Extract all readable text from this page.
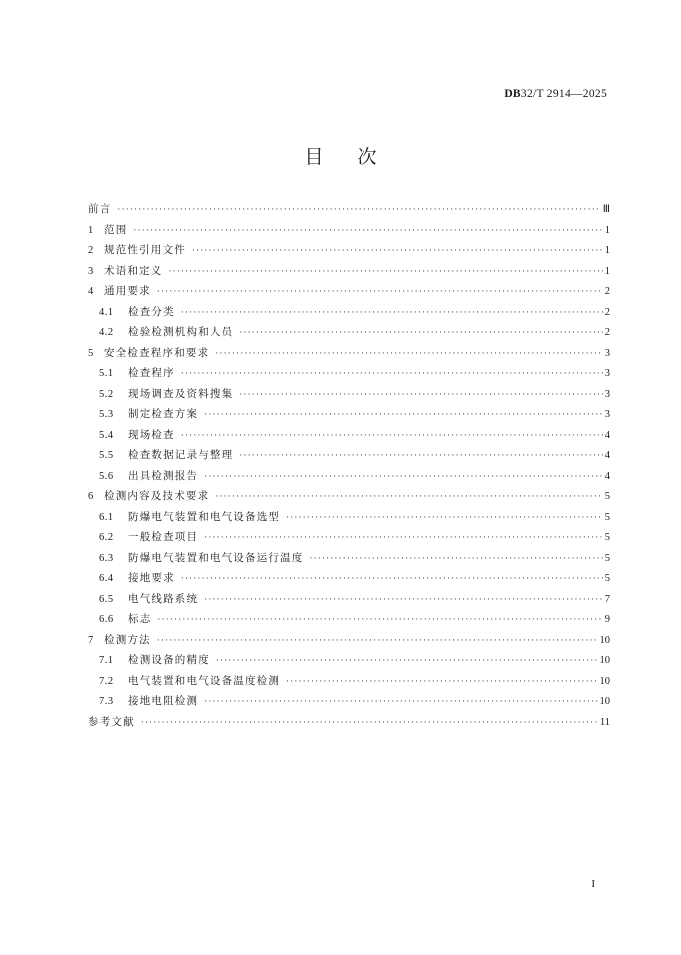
DB32/T 2914—2025
目次
前言 ·····	Ⅲ
1 范围 ·····	1
2 规范性引用文件 ·····	1
3 术语和定义 ·····	1
4 通用要求 ·····	2
4.1	检查分类 ·····	2
4.2	检验检测机构和人员 ·····	2
5 安全检查程序和要求 ·····	3
5.1	检查程序 ·····	3
5.2	现场调查及资料搜集 ·····	3
5.3	制定检查方案 ·····	3
5.4	现场检查 ·····	4
5.5	检查数据记录与整理 ·····	4
5.6	出具检测报告 ·····	4
6 检测内容及技术要求 ·····	5
6.1	防爆电气装置和电气设备选型 ·····	5
6.2	一般检查项目 ·····	5
6.3	防爆电气装置和电气设备运行温度 ·····	5
6.4	接地要求 ·····	5
6.5	电气线路系统 ·····	7
6.6	标志 ·····	9
7 检测方法 ·····	10
7.1	检测设备的精度 ·····	10
7.2	电气装置和电气设备温度检测 ·····	10
7.3	接地电阻检测 ·····	10
参考文献 ·····	11
I
